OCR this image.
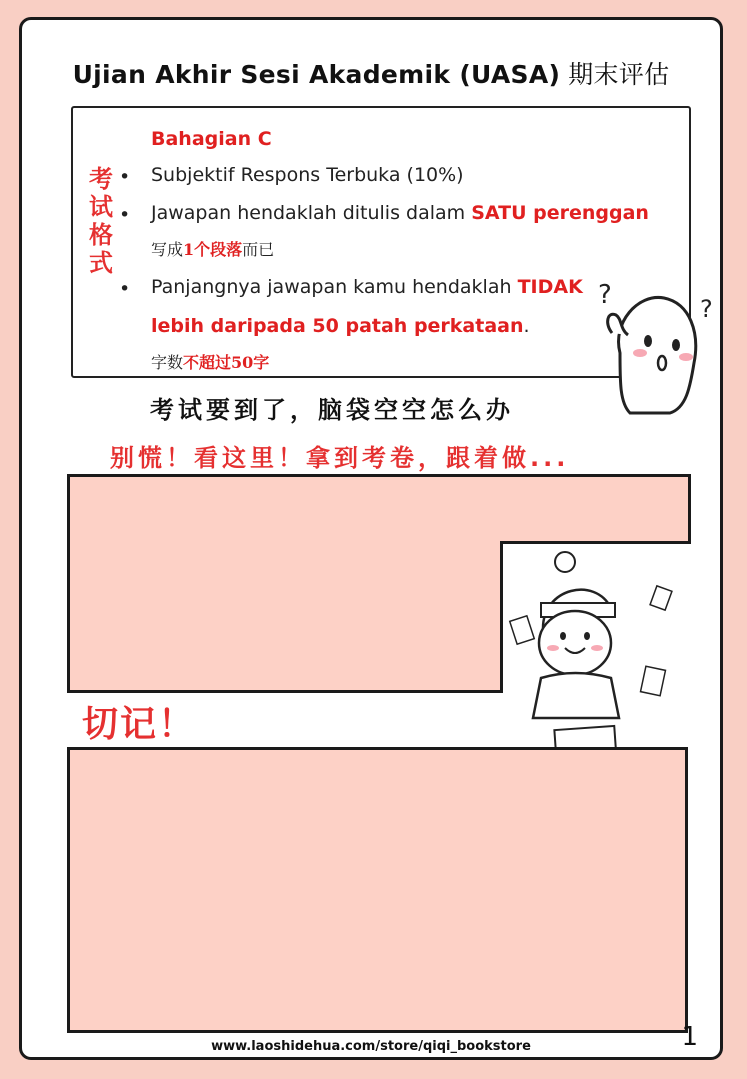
Ujian Akhir Sesi Akademik (UASA) 期末评估
考
试
格
式
Bahagian C
• Subjektif Respons Terbuka (10%)
• Jawapan hendaklah ditulis dalam SATU perenggan
写成1个段落而已
• Panjangnya jawapan kamu hendaklah TIDAK
lebih daripada 50 patah perkataan.
字数不超过50字
?	?
考试要到了，脑袋空空怎么办
别慌！看这里！拿到考卷，跟着做...
切记！
www.laoshidehua.com/store/qiqi_bookstore	1
